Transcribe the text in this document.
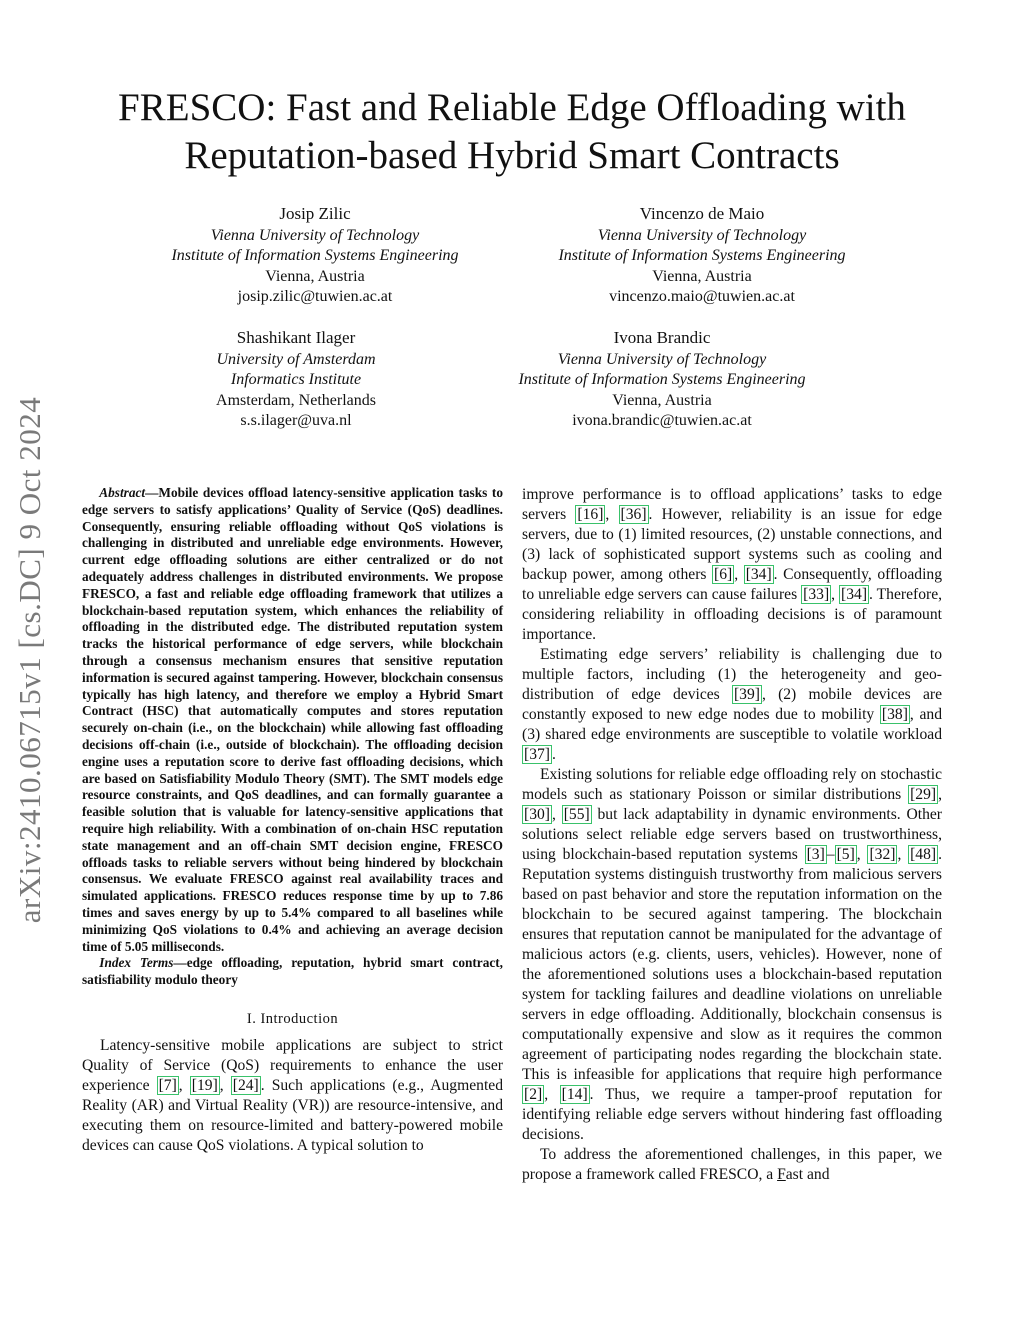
arXiv:2410.06715v1 [cs.DC] 9 Oct 2024
FRESCO: Fast and Reliable Edge Offloading with
Reputation-based Hybrid Smart Contracts
Josip Zilic
Vienna University of Technology
Institute of Information Systems Engineering
Vienna, Austria
josip.zilic@tuwien.ac.at
Vincenzo de Maio
Vienna University of Technology
Institute of Information Systems Engineering
Vienna, Austria
vincenzo.maio@tuwien.ac.at
Shashikant Ilager
University of Amsterdam
Informatics Institute
Amsterdam, Netherlands
s.s.ilager@uva.nl
Ivona Brandic
Vienna University of Technology
Institute of Information Systems Engineering
Vienna, Austria
ivona.brandic@tuwien.ac.at

Abstract—Mobile devices offload latency-sensitive application tasks to edge servers to satisfy applications’ Quality of Service (QoS) deadlines. Consequently, ensuring reliable offloading without QoS violations is challenging in distributed and unreliable edge environments. However, current edge offloading solutions are either centralized or do not adequately address challenges in distributed environments. We propose FRESCO, a fast and reliable edge offloading framework that utilizes a blockchain-based reputation system, which enhances the reliability of offloading in the distributed edge. The distributed reputation system tracks the historical performance of edge servers, while blockchain through a consensus mechanism ensures that sensitive reputation information is secured against tampering. However, blockchain consensus typically has high latency, and therefore we employ a Hybrid Smart Contract (HSC) that automatically computes and stores reputation securely on-chain (i.e., on the blockchain) while allowing fast offloading decisions off-chain (i.e., outside of blockchain). The offloading decision engine uses a reputation score to derive fast offloading decisions, which are based on Satisfiability Modulo Theory (SMT). The SMT models edge resource constraints, and QoS deadlines, and can formally guarantee a feasible solution that is valuable for latency-sensitive applications that require high reliability. With a combination of on-chain HSC reputation state management and an off-chain SMT decision engine, FRESCO offloads tasks to reliable servers without being hindered by blockchain consensus. We evaluate FRESCO against real availability traces and simulated applications. FRESCO reduces response time by up to 7.86 times and saves energy by up to 5.4% compared to all baselines while minimizing QoS violations to 0.4% and achieving an average decision time of 5.05 milliseconds.

Index Terms—edge offloading, reputation, hybrid smart contract, satisfiability modulo theory

I. Introduction

Latency-sensitive mobile applications are subject to strict Quality of Service (QoS) requirements to enhance the user experience [7] , [19] , [24] . Such applications (e.g., Augmented Reality (AR) and Virtual Reality (VR)) are resource-intensive, and executing them on resource-limited and battery-powered mobile devices can cause QoS violations. A typical solution to

improve performance is to offload applications’ tasks to edge servers [16] , [36] . However, reliability is an issue for edge servers, due to (1) limited resources, (2) unstable connections, and (3) lack of sophisticated support systems such as cooling and backup power, among others [6] , [34] . Consequently, offloading to unreliable edge servers can cause failures [33] , [34] . Therefore, considering reliability in offloading decisions is of paramount importance.

Estimating edge servers’ reliability is challenging due to multiple factors, including (1) the heterogeneity and geo-distribution of edge devices [39] , (2) mobile devices are constantly exposed to new edge nodes due to mobility [38] , and (3) shared edge environments are susceptible to volatile workload [37] .

Existing solutions for reliable edge offloading rely on stochastic models such as stationary Poisson or similar distributions [29] , [30] , [55] but lack adaptability in dynamic environments. Other solutions select reliable edge servers based on trustworthiness, using blockchain-based reputation systems [3] – [5] , [32] , [48] . Reputation systems distinguish trustworthy from malicious servers based on past behavior and store the reputation information on the blockchain to be secured against tampering. The blockchain ensures that reputation cannot be manipulated for the advantage of malicious actors (e.g. clients, users, vehicles). However, none of the aforementioned solutions uses a blockchain-based reputation system for tackling failures and deadline violations on unreliable servers in edge offloading. Additionally, blockchain consensus is computationally expensive and slow as it requires the common agreement of participating nodes regarding the blockchain state. This is infeasible for applications that require high performance [2] , [14] . Thus, we require a tamper-proof reputation for identifying reliable edge servers without hindering fast offloading decisions.

To address the aforementioned challenges, in this paper, we propose a framework called FRESCO, a Fast and
